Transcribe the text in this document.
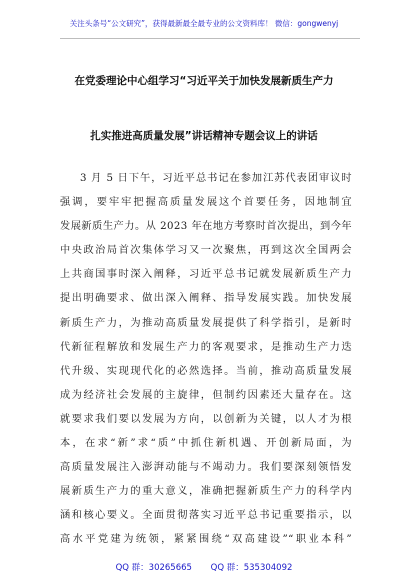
关注头条号“公文研究”，获得最新最全最专业的公文资料库！ 微信：gongwenyj
在党委理论中心组学习“习近平关于加快发展新质生产力
扎实推进高质量发展”讲话精神专题会议上的讲话
3 月 5 日下午，习近平总书记在参加江苏代表团审议时
强调，要牢牢把握高质量发展这个首要任务，因地制宜
发展新质生产力。从 2023 年在地方考察时首次提出，到今年
中央政治局首次集体学习又一次聚焦，再到这次全国两会
上共商国事时深入阐释，习近平总书记就发展新质生产力
提出明确要求、做出深入阐释、指导发展实践。加快发展
新质生产力，为推动高质量发展提供了科学指引，是新时
代新征程解放和发展生产力的客观要求，是推动生产力迭
代升级、实现现代化的必然选择。当前，推动高质量发展
成为经济社会发展的主旋律，但制约因素还大量存在。这
就要求我们要以发展为方向，以创新为关键，以人才为根
本，在求“新”求“质”中抓住新机遇、开创新局面，为
高质量发展注入澎湃动能与不竭动力。我们要深刻领悟发
展新质生产力的重大意义，准确把握新质生产力的科学内
涵和核心要义。全面贯彻落实习近平总书记重要指示，以
高水平党建为统领，紧紧围绕“双高建设”“职业本科”
QQ 群：30265665 QQ 群：535304092
